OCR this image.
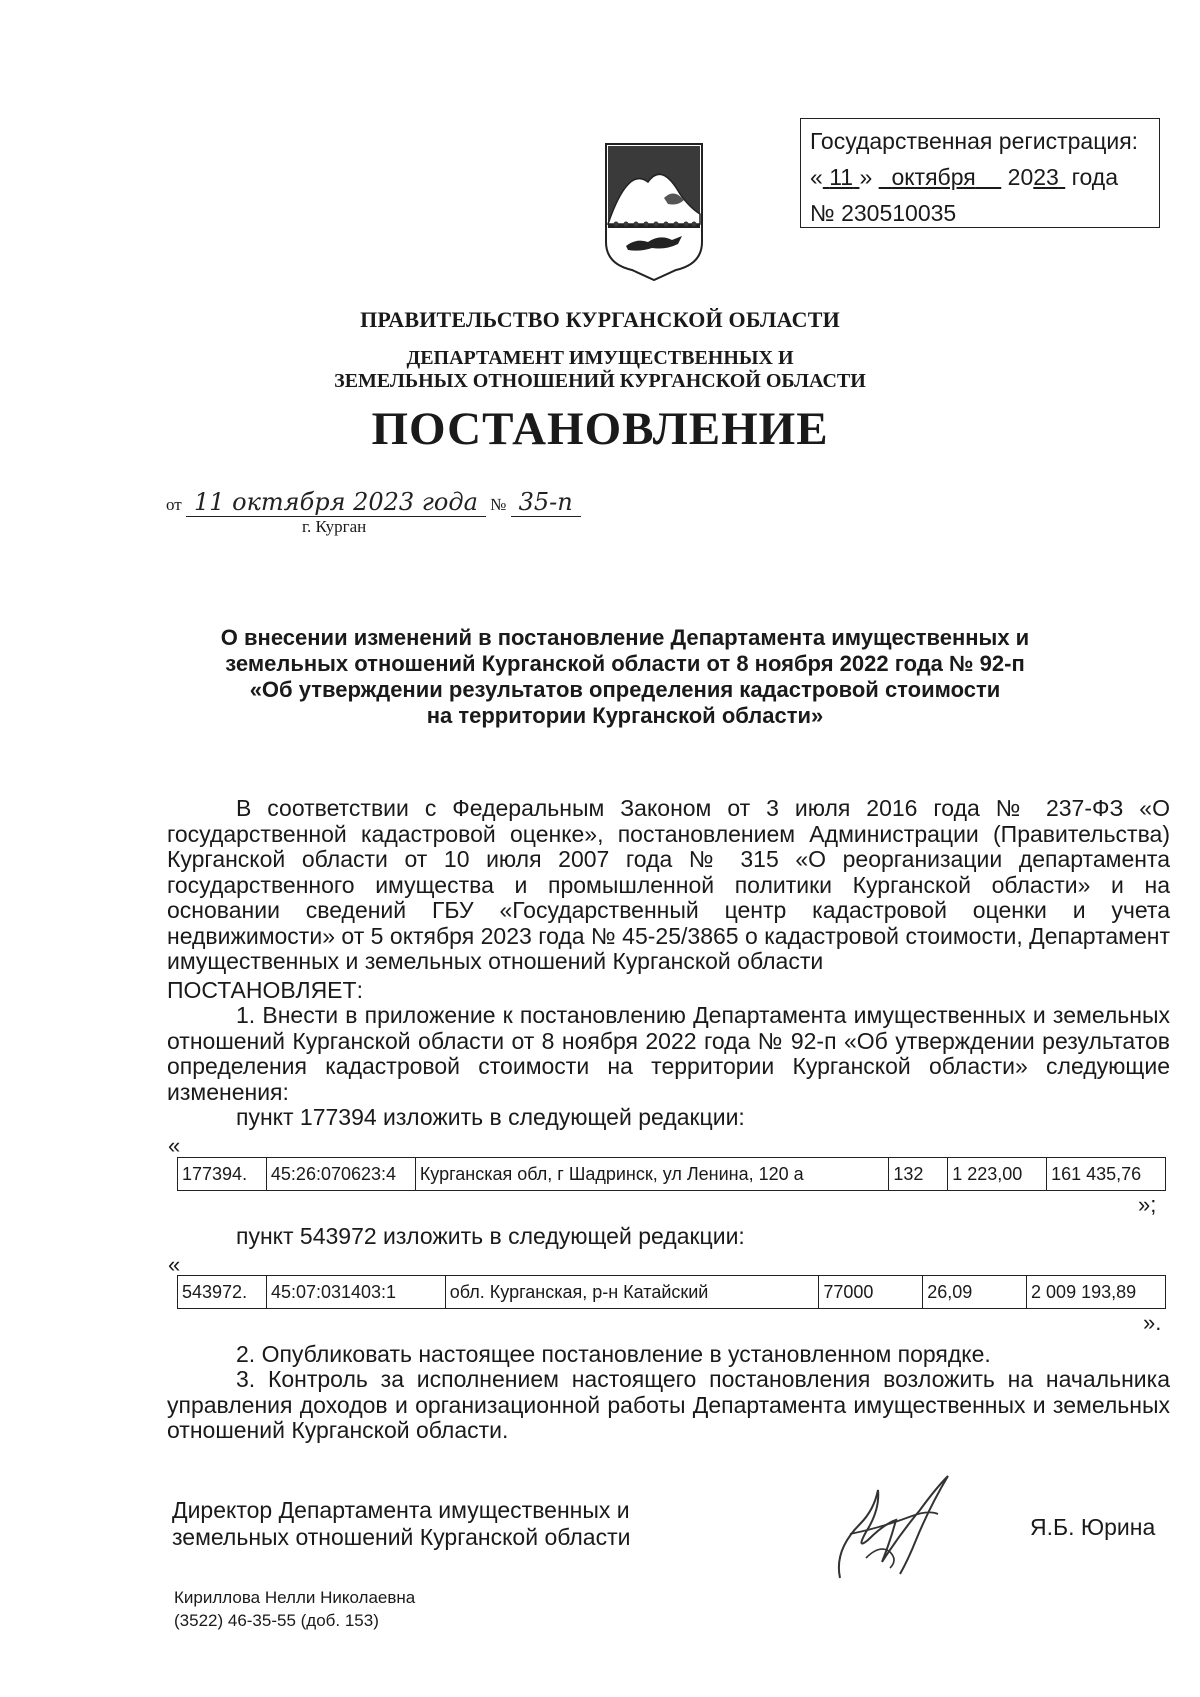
Государственная регистрация:
« 11 » октября 2023 года
№ 230510035
ПРАВИТЕЛЬСТВО КУРГАНСКОЙ ОБЛАСТИ
ДЕПАРТАМЕНТ ИМУЩЕСТВЕННЫХ И
ЗЕМЕЛЬНЫХ ОТНОШЕНИЙ КУРГАНСКОЙ ОБЛАСТИ
ПОСТАНОВЛЕНИЕ
от 11 октября 2023 года № 35-п
г. Курган
О внесении изменений в постановление Департамента имущественных и
земельных отношений Курганской области от 8 ноября 2022 года № 92-п
«Об утверждении результатов определения кадастровой стоимости
на территории Курганской области»

В соответствии с Федеральным Законом от 3 июля 2016 года № 237-ФЗ «О государственной кадастровой оценке», постановлением Администрации (Правительства) Курганской области от 10 июля 2007 года № 315 «О реорганизации департамента государственного имущества и промышленной политики Курганской области» и на основании сведений ГБУ «Государственный центр кадастровой оценки и учета недвижимости» от 5 октября 2023 года № 45-25/3865 о кадастровой стоимости, Департамент имущественных и земельных отношений Курганской области

ПОСТАНОВЛЯЕТ:

1. Внести в приложение к постановлению Департамента имущественных и земельных отношений Курганской области от 8 ноября 2022 года № 92-п «Об утверждении результатов определения кадастровой стоимости на территории Курганской области» следующие изменения:

пункт 177394 изложить в следующей редакции:

«
177394.	45:26:070623:4	Курганская обл, г Шадринск, ул Ленина, 120 а	132	1 223,00	161 435,76
»;

пункт 543972 изложить в следующей редакции:

«
543972.	45:07:031403:1	обл. Курганская, р-н Катайский	77000	26,09	2 009 193,89
».

2. Опубликовать настоящее постановление в установленном порядке.

3. Контроль за исполнением настоящего постановления возложить на начальника управления доходов и организационной работы Департамента имущественных и земельных отношений Курганской области.

Директор Департамента имущественных и
земельных отношений Курганской области	Я.Б. Юрина
Кириллова Нелли Николаевна
(3522) 46-35-55 (доб. 153)
